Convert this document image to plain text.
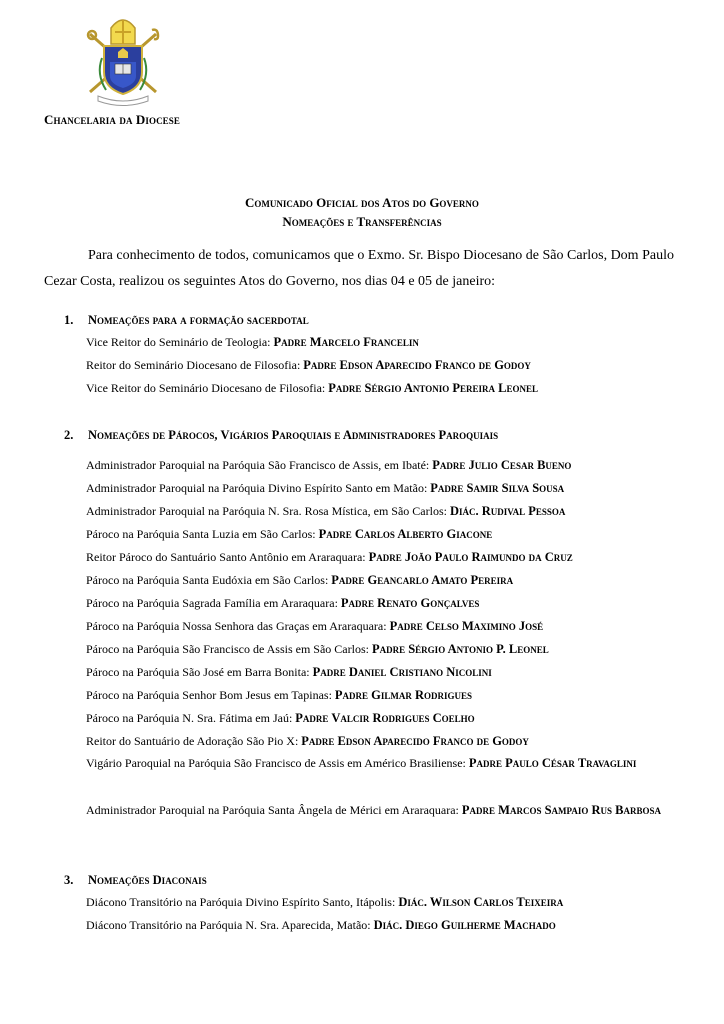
Chancelaria da Diocese
Comunicado Oficial dos Atos do Governo
Nomeações e Transferências
Para conhecimento de todos, comunicamos que o Exmo. Sr. Bispo Diocesano de São Carlos, Dom Paulo Cezar Costa, realizou os seguintes Atos do Governo, nos dias 04 e 05 de janeiro:
1. Nomeações para a formação sacerdotal
Vice Reitor do Seminário de Teologia: Padre Marcelo Francelin
Reitor do Seminário Diocesano de Filosofia: Padre Edson Aparecido Franco de Godoy
Vice Reitor do Seminário Diocesano de Filosofia: Padre Sérgio Antonio Pereira Leonel
2. Nomeações de Párocos, Vigários Paroquiais e Administradores Paroquiais
Administrador Paroquial na Paróquia São Francisco de Assis, em Ibaté: Padre Julio Cesar Bueno
Administrador Paroquial na Paróquia Divino Espírito Santo em Matão: Padre Samir Silva Sousa
Administrador Paroquial na Paróquia N. Sra. Rosa Mística, em São Carlos: Diác. Rudival Pessoa
Pároco na Paróquia Santa Luzia em São Carlos: Padre Carlos Alberto Giacone
Reitor Pároco do Santuário Santo Antônio em Araraquara: Padre João Paulo Raimundo da Cruz
Pároco na Paróquia Santa Eudóxia em São Carlos: Padre Geancarlo Amato Pereira
Pároco na Paróquia Sagrada Família em Araraquara: Padre Renato Gonçalves
Pároco na Paróquia Nossa Senhora das Graças em Araraquara: Padre Celso Maximino José
Pároco na Paróquia São Francisco de Assis em São Carlos: Padre Sérgio Antonio P. Leonel
Pároco na Paróquia São José em Barra Bonita: Padre Daniel Cristiano Nicolini
Pároco na Paróquia Senhor Bom Jesus em Tapinas: Padre Gilmar Rodrigues
Pároco na Paróquia N. Sra. Fátima em Jaú: Padre Valcir Rodrigues Coelho
Reitor do Santuário de Adoração São Pio X: Padre Edson Aparecido Franco de Godoy
Vigário Paroquial na Paróquia São Francisco de Assis em Américo Brasiliense: Padre Paulo César Travaglini
Administrador Paroquial na Paróquia Santa Ângela de Mérici em Araraquara: Padre Marcos Sampaio Rus Barbosa
3. Nomeações Diaconais
Diácono Transitório na Paróquia Divino Espírito Santo, Itápolis: Diác. Wilson Carlos Teixeira
Diácono Transitório na Paróquia N. Sra. Aparecida, Matão: Diác. Diego Guilherme Machado
